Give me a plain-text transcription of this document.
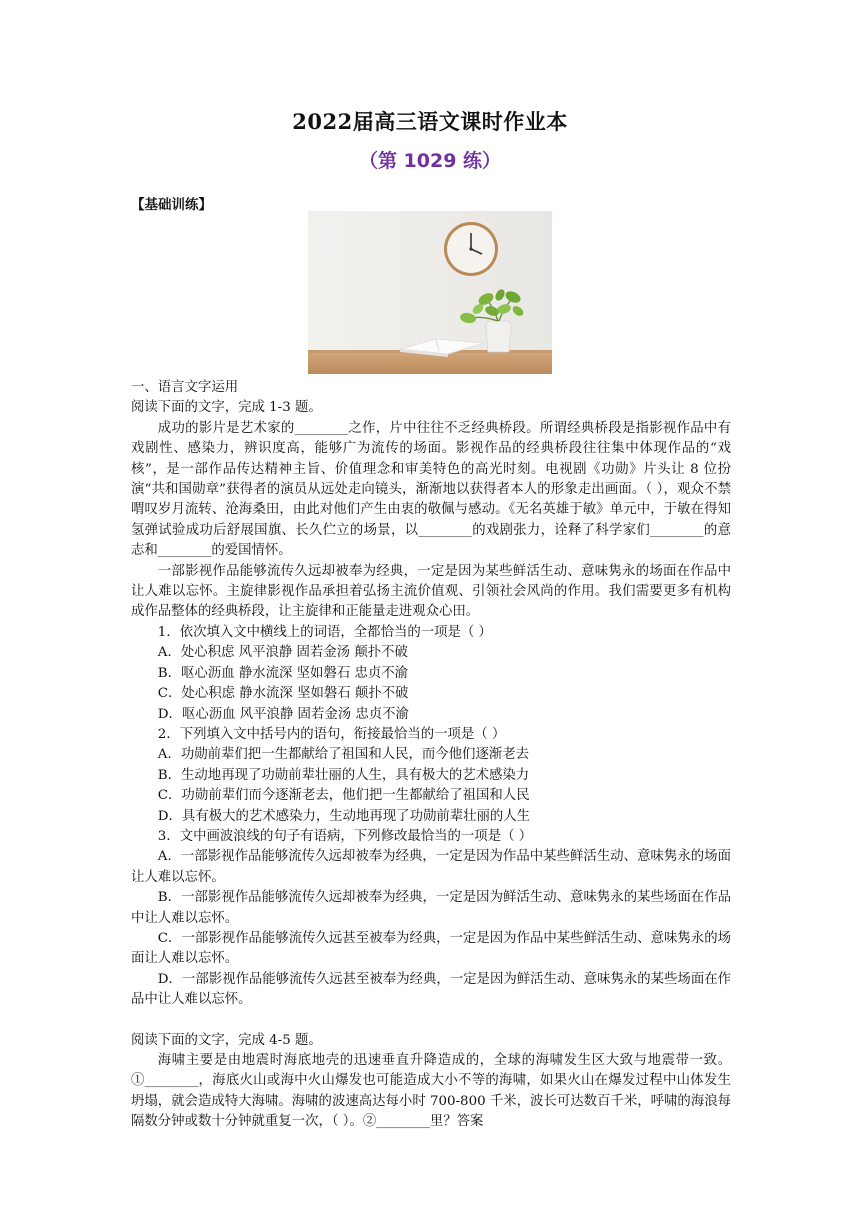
2022届高三语文课时作业本
（第 1029 练）
【基础训练】

一、语言文字运用

阅读下面的文字，完成 1-3 题。

成功的影片是艺术家的________之作，片中往往不乏经典桥段。所谓经典桥段是指影视作品中有戏剧性、感染力，辨识度高，能够广为流传的场面。影视作品的经典桥段往往集中体现作品的“戏核”，是一部作品传达精神主旨、价值理念和审美特色的高光时刻。电视剧《功勋》片头让 8 位扮演“共和国勋章”获得者的演员从远处走向镜头，渐渐地以获得者本人的形象走出画面。（ ），观众不禁喟叹岁月流转、沧海桑田，由此对他们产生由衷的敬佩与感动。《无名英雄于敏》单元中，于敏在得知氢弹试验成功后舒展国旗、长久伫立的场景，以________的戏剧张力，诠释了科学家们________的意志和________的爱国情怀。

一部影视作品能够流传久远却被奉为经典，一定是因为某些鲜活生动、意味隽永的场面在作品中让人难以忘怀。主旋律影视作品承担着弘扬主流价值观、引领社会风尚的作用。我们需要更多有机构成作品整体的经典桥段，让主旋律和正能量走进观众心田。

1．依次填入文中横线上的词语，全都恰当的一项是（ ）

A．处心积虑 风平浪静 固若金汤 颠扑不破

B．呕心沥血 静水流深 坚如磐石 忠贞不渝

C．处心积虑 静水流深 坚如磐石 颠扑不破

D．呕心沥血 风平浪静 固若金汤 忠贞不渝

2．下列填入文中括号内的语句，衔接最恰当的一项是（ ）

A．功勋前辈们把一生都献给了祖国和人民，而今他们逐渐老去

B．生动地再现了功勋前辈壮丽的人生，具有极大的艺术感染力

C．功勋前辈们而今逐渐老去，他们把一生都献给了祖国和人民

D．具有极大的艺术感染力，生动地再现了功勋前辈壮丽的人生

3．文中画波浪线的句子有语病，下列修改最恰当的一项是（ ）

A．一部影视作品能够流传久远却被奉为经典，一定是因为作品中某些鲜活生动、意味隽永的场面让人难以忘怀。

B．一部影视作品能够流传久远却被奉为经典，一定是因为鲜活生动、意味隽永的某些场面在作品中让人难以忘怀。

C．一部影视作品能够流传久远甚至被奉为经典，一定是因为作品中某些鲜活生动、意味隽永的场面让人难以忘怀。

D．一部影视作品能够流传久远甚至被奉为经典，一定是因为鲜活生动、意味隽永的某些场面在作品中让人难以忘怀。

阅读下面的文字，完成 4-5 题。

海啸主要是由地震时海底地壳的迅速垂直升降造成的，全球的海啸发生区大致与地震带一致。①________，海底火山或海中火山爆发也可能造成大小不等的海啸，如果火山在爆发过程中山体发生坍塌，就会造成特大海啸。海啸的波速高达每小时 700-800 千米，波长可达数百千米，呼啸的海浪每隔数分钟或数十分钟就重复一次，（ ）。②________里？答案
